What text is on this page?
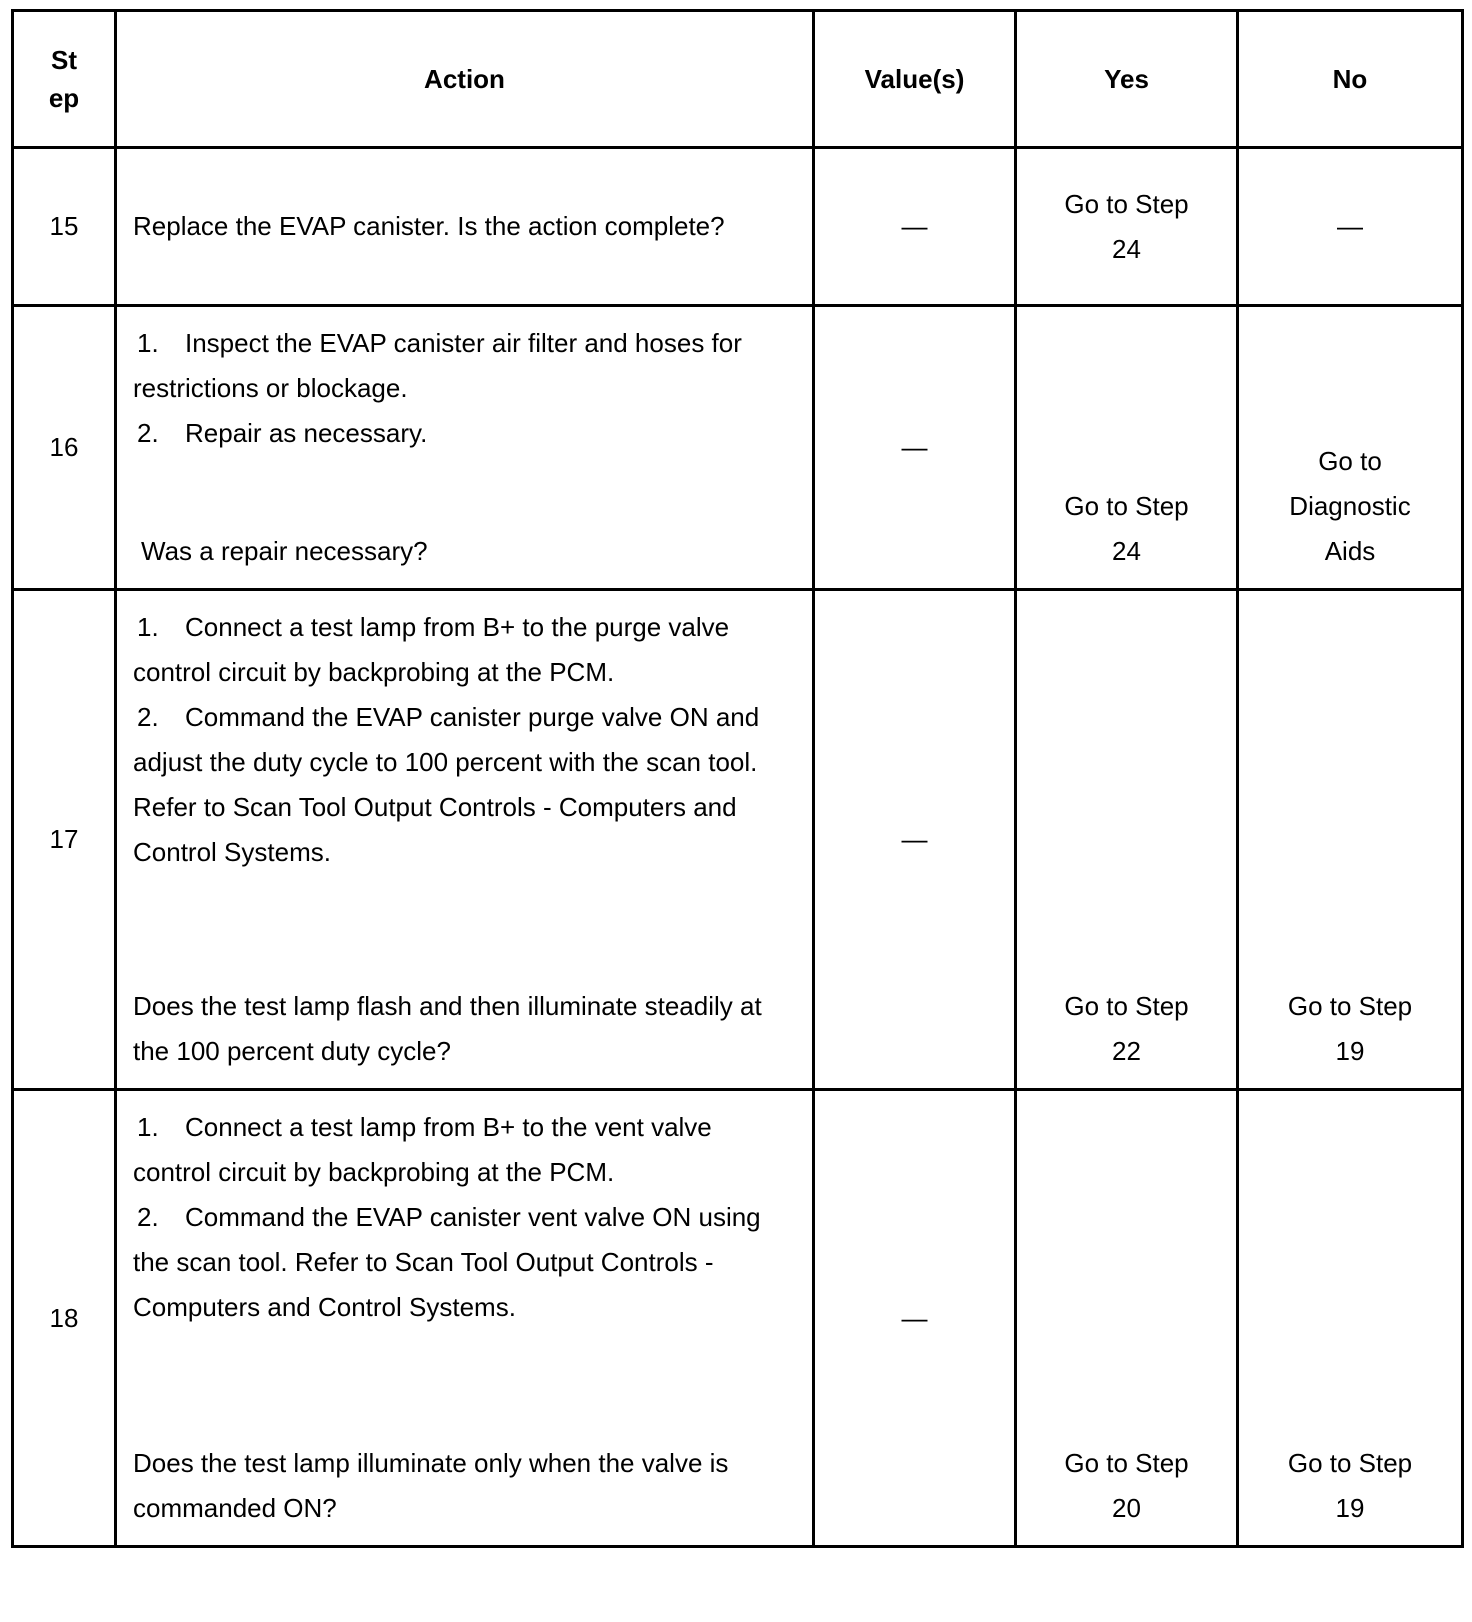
St ep	Action	Value(s)	Yes	No
15	Replace the EVAP canister. Is the action complete?	—	Go to Step 24	—
16	1. Inspect the EVAP canister air filter and hoses for restrictions or blockage.
2. Repair as necessary.
Was a repair necessary?	—	Go to Step 24	Go to Diagnostic Aids

17	1. Connect a test lamp from B+ to the purge valve control circuit by backprobing at the PCM.
2. Command the EVAP canister purge valve ON and adjust the duty cycle to 100 percent with the scan tool. Refer to Scan Tool Output Controls - Computers and Control Systems.
Does the test lamp flash and then illuminate steadily at the 100 percent duty cycle?	—	Go to Step 22	Go to Step 19

18	1. Connect a test lamp from B+ to the vent valve control circuit by backprobing at the PCM.
2. Command the EVAP canister vent valve ON using the scan tool. Refer to Scan Tool Output Controls - Computers and Control Systems.
Does the test lamp illuminate only when the valve is commanded ON?	—	Go to Step 20	Go to Step 19
